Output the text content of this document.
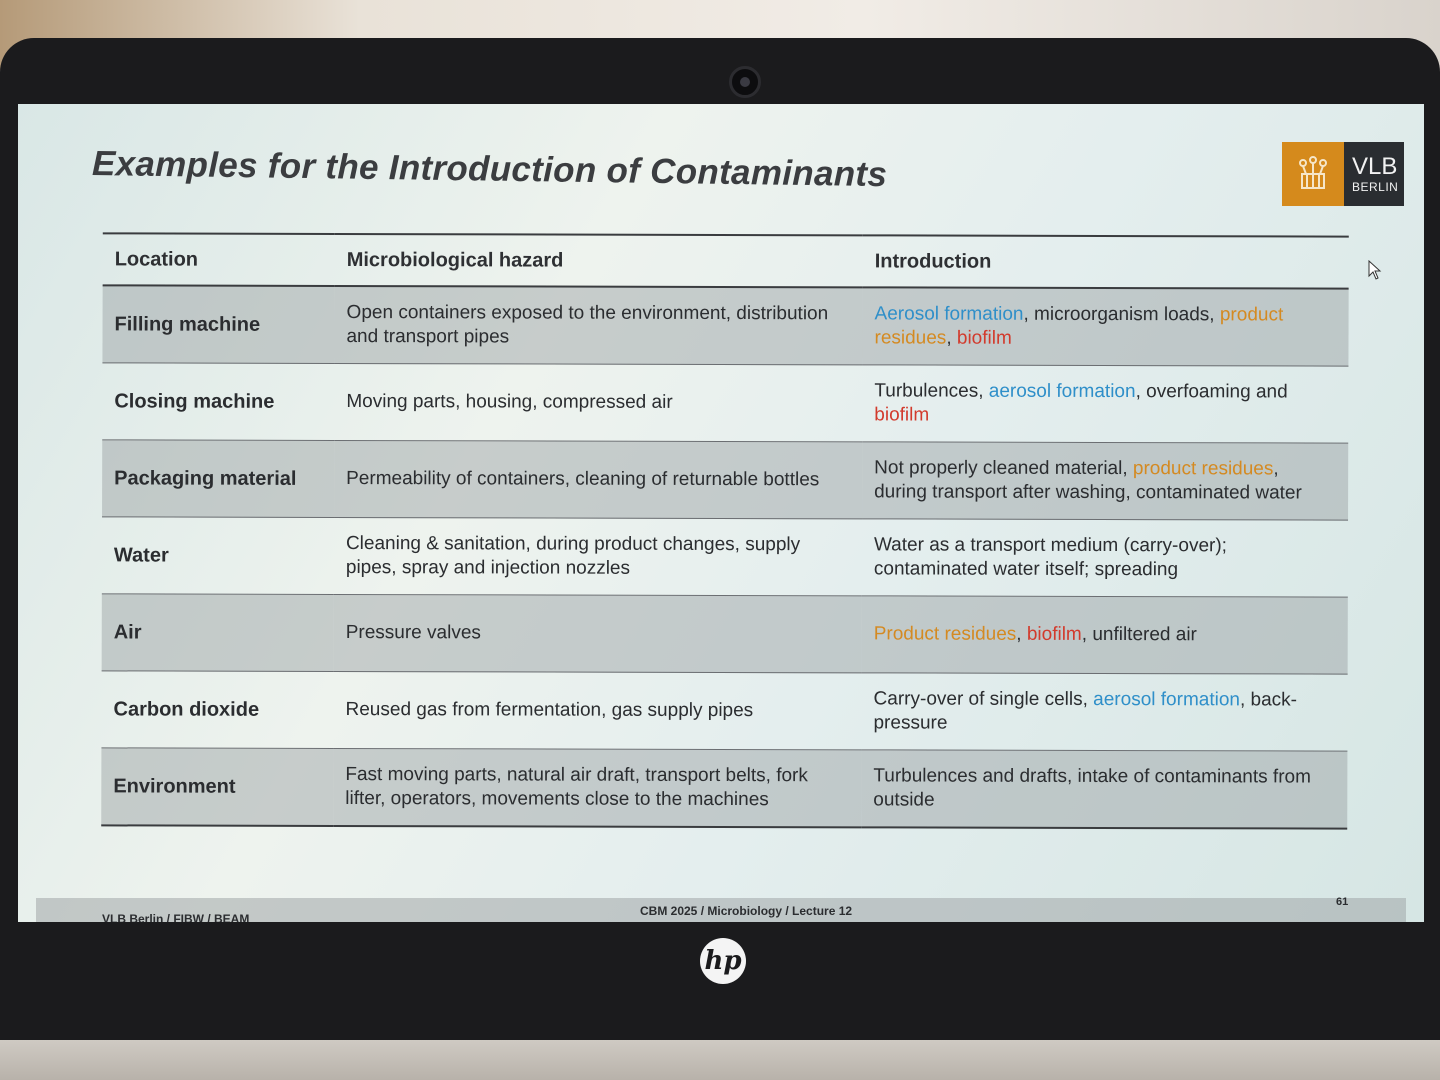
Examples for the Introduction of Contaminants	VLB
BERLIN
Location	Microbiological hazard	Introduction
Filling machine	Open containers exposed to the environment, distribution and transport pipes	Aerosol formation, microorganism loads, product residues, biofilm
Closing machine	Moving parts, housing, compressed air	Turbulences, aerosol formation, overfoaming and biofilm
Packaging material	Permeability of containers, cleaning of returnable bottles	Not properly cleaned material, product residues, during transport after washing, contaminated water
Water	Cleaning & sanitation, during product changes, supply pipes, spray and injection nozzles	Water as a transport medium (carry-over); contaminated water itself; spreading
Air	Pressure valves	Product residues, biofilm, unfiltered air
Carbon dioxide	Reused gas from fermentation, gas supply pipes	Carry-over of single cells, aerosol formation, back-pressure
Environment	Fast moving parts, natural air draft, transport belts, fork lifter, operators, movements close to the machines	Turbulences and drafts, intake of contaminants from outside
VLB Berlin / FIBW / BEAM
CBM 2025 / Microbiology / Lecture 12
61
hp
